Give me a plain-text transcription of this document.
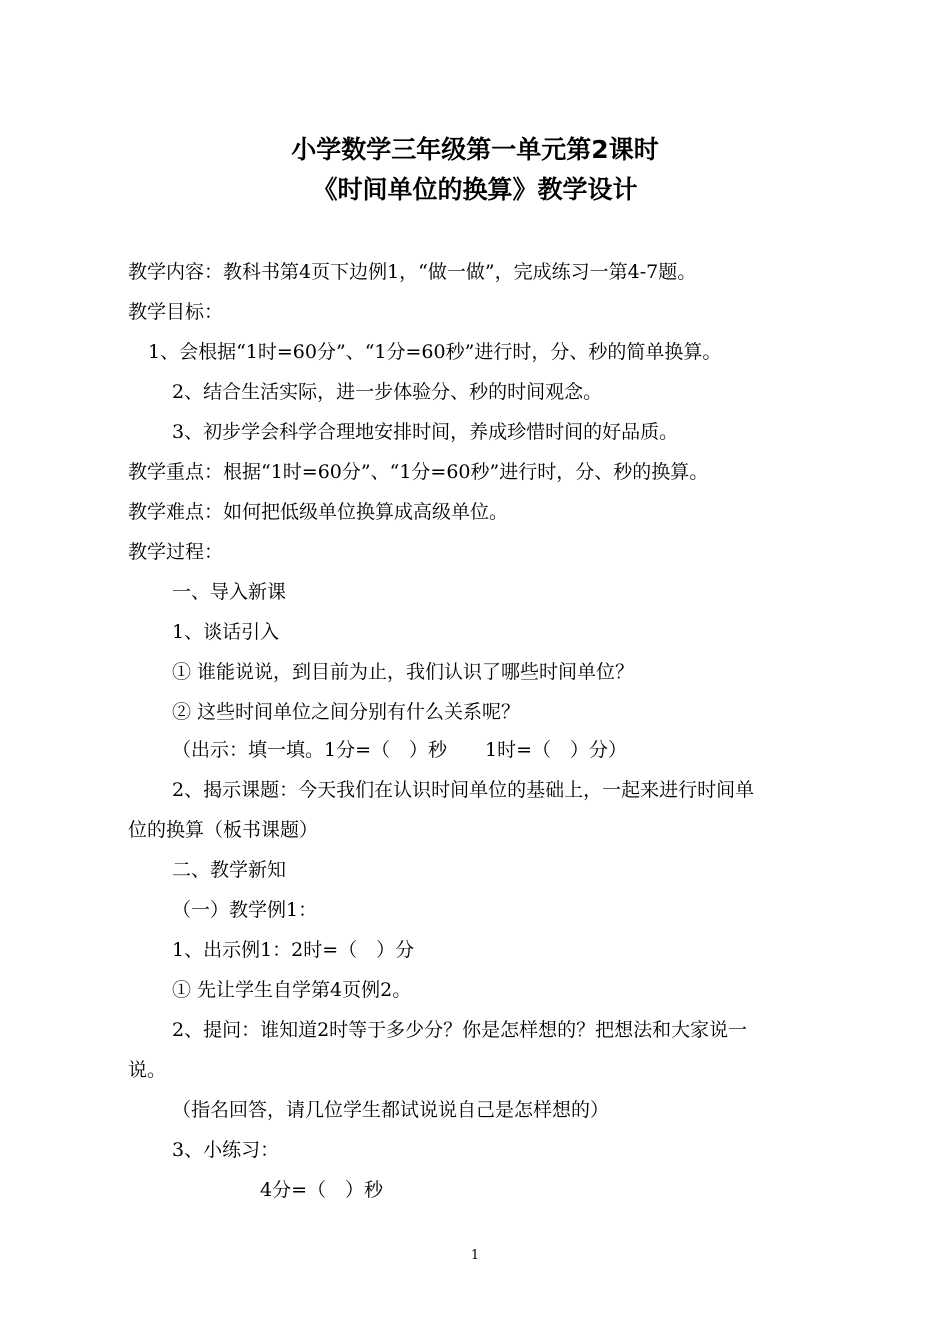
小学数学三年级第一单元第2课时
《时间单位的换算》教学设计
教学内容：教科书第4页下边例1，“做一做”，完成练习一第4-7题。
教学目标：
1、会根据“1时=60分”、“1分=60秒”进行时，分、秒的简单换算。
2、结合生活实际，进一步体验分、秒的时间观念。
3、初步学会科学合理地安排时间，养成珍惜时间的好品质。
教学重点：根据“1时=60分”、“1分=60秒”进行时，分、秒的换算。
教学难点：如何把低级单位换算成高级单位。
教学过程：
一、导入新课
1、谈话引入
① 谁能说说，到目前为止，我们认识了哪些时间单位？
② 这些时间单位之间分别有什么关系呢？
（出示：填一填。1分=（　）秒　　1时=（　）分）
2、揭示课题：今天我们在认识时间单位的基础上，一起来进行时间单
位的换算（板书课题）
二、教学新知
（一）教学例1：
1、出示例1：2时=（　）分
① 先让学生自学第4页例2。
2、提问：谁知道2时等于多少分？你是怎样想的？把想法和大家说一
说。
（指名回答，请几位学生都试说说自己是怎样想的）
3、小练习：
4分=（　）秒
1
